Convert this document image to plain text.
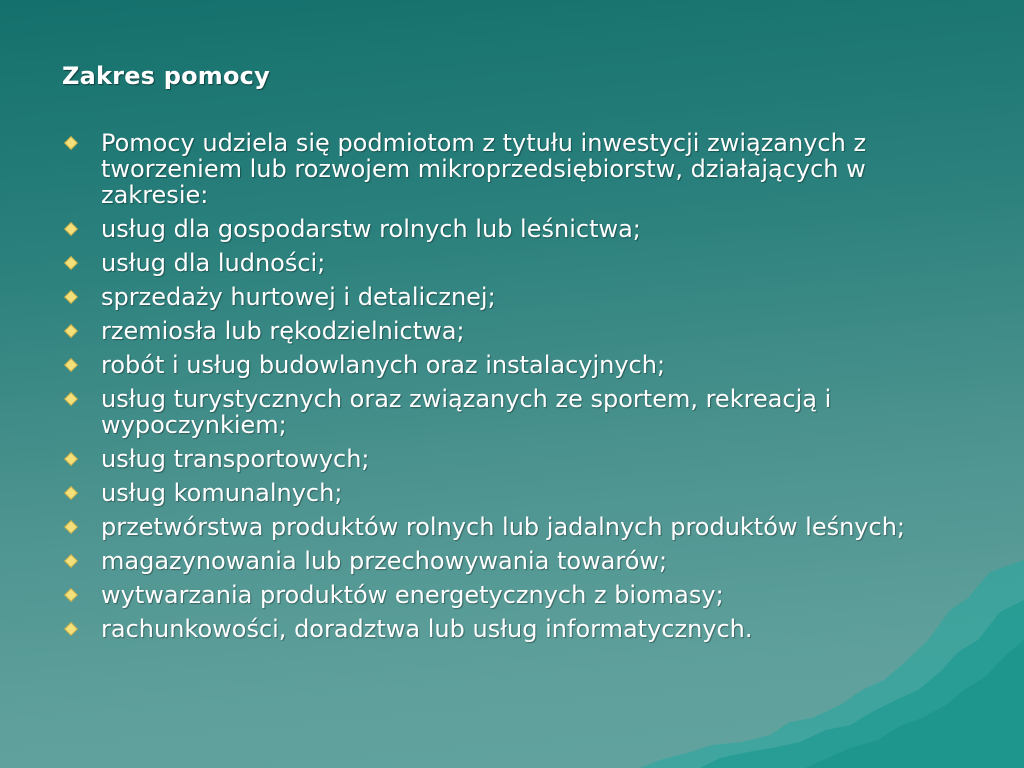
Zakres pomocy
Pomocy udziela się podmiotom z tytułu inwestycji związanych z tworzeniem lub rozwojem mikroprzedsiębiorstw, działających w zakresie:
usług dla gospodarstw rolnych lub leśnictwa;
usług dla ludności;
sprzedaży hurtowej i detalicznej;
rzemiosła lub rękodzielnictwa;
robót i usług budowlanych oraz instalacyjnych;
usług turystycznych oraz związanych ze sportem, rekreacją i wypoczynkiem;
usług transportowych;
usług komunalnych;
przetwórstwa produktów rolnych lub jadalnych produktów leśnych;
magazynowania lub przechowywania towarów;
wytwarzania produktów energetycznych z biomasy;
rachunkowości, doradztwa lub usług informatycznych.
